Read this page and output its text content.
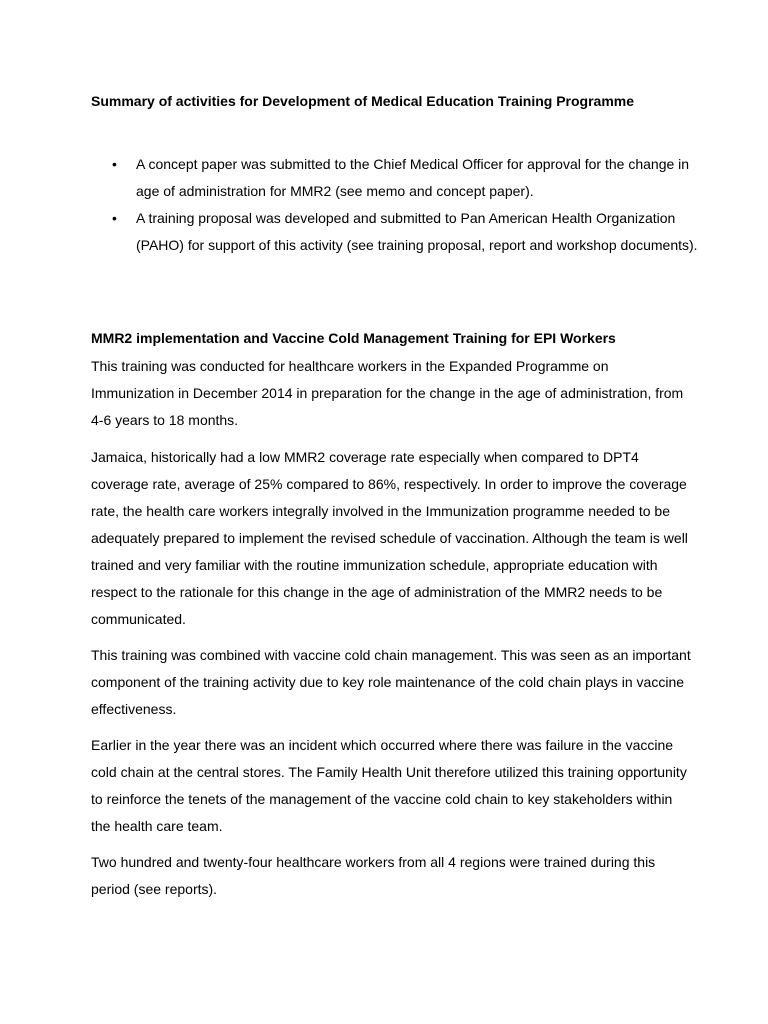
Summary of activities for Development of Medical Education Training Programme
• A concept paper was submitted to the Chief Medical Officer for approval for the change in age of administration for MMR2 (see memo and concept paper).
• A training proposal was developed and submitted to Pan American Health Organization (PAHO) for support of this activity (see training proposal, report and workshop documents).
MMR2 implementation and Vaccine Cold Management Training for EPI Workers

This training was conducted for healthcare workers in the Expanded Programme on Immunization in December 2014 in preparation for the change in the age of administration, from 4-6 years to 18 months.

Jamaica, historically had a low MMR2 coverage rate especially when compared to DPT4 coverage rate, average of 25% compared to 86%, respectively. In order to improve the coverage rate, the health care workers integrally involved in the Immunization programme needed to be adequately prepared to implement the revised schedule of vaccination. Although the team is well trained and very familiar with the routine immunization schedule, appropriate education with respect to the rationale for this change in the age of administration of the MMR2 needs to be communicated.

This training was combined with vaccine cold chain management. This was seen as an important component of the training activity due to key role maintenance of the cold chain plays in vaccine effectiveness.

Earlier in the year there was an incident which occurred where there was failure in the vaccine cold chain at the central stores. The Family Health Unit therefore utilized this training opportunity to reinforce the tenets of the management of the vaccine cold chain to key stakeholders within the health care team.

Two hundred and twenty-four healthcare workers from all 4 regions were trained during this period (see reports).
